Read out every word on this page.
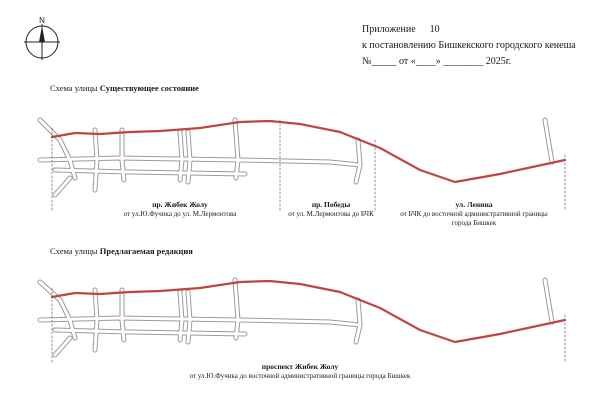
N
Приложение 10
к постановлению Бишкекского городского кенеша
№_____ от «____» ________ 2025г.
Схема улицы Существующее состояние
пр. Жибек Жолу
от ул.Ю.Фучика до ул. М.Лермонтова
пр. Победы
от ул. М.Лермонтова до БЧК
ул. Ленина
от БЧК до восточной административной границы города Бишкек
Схема улицы Предлагаемая редакция
проспект Жибек Жолу
от ул.Ю.Фучика до восточной административной границы города Бишкек
